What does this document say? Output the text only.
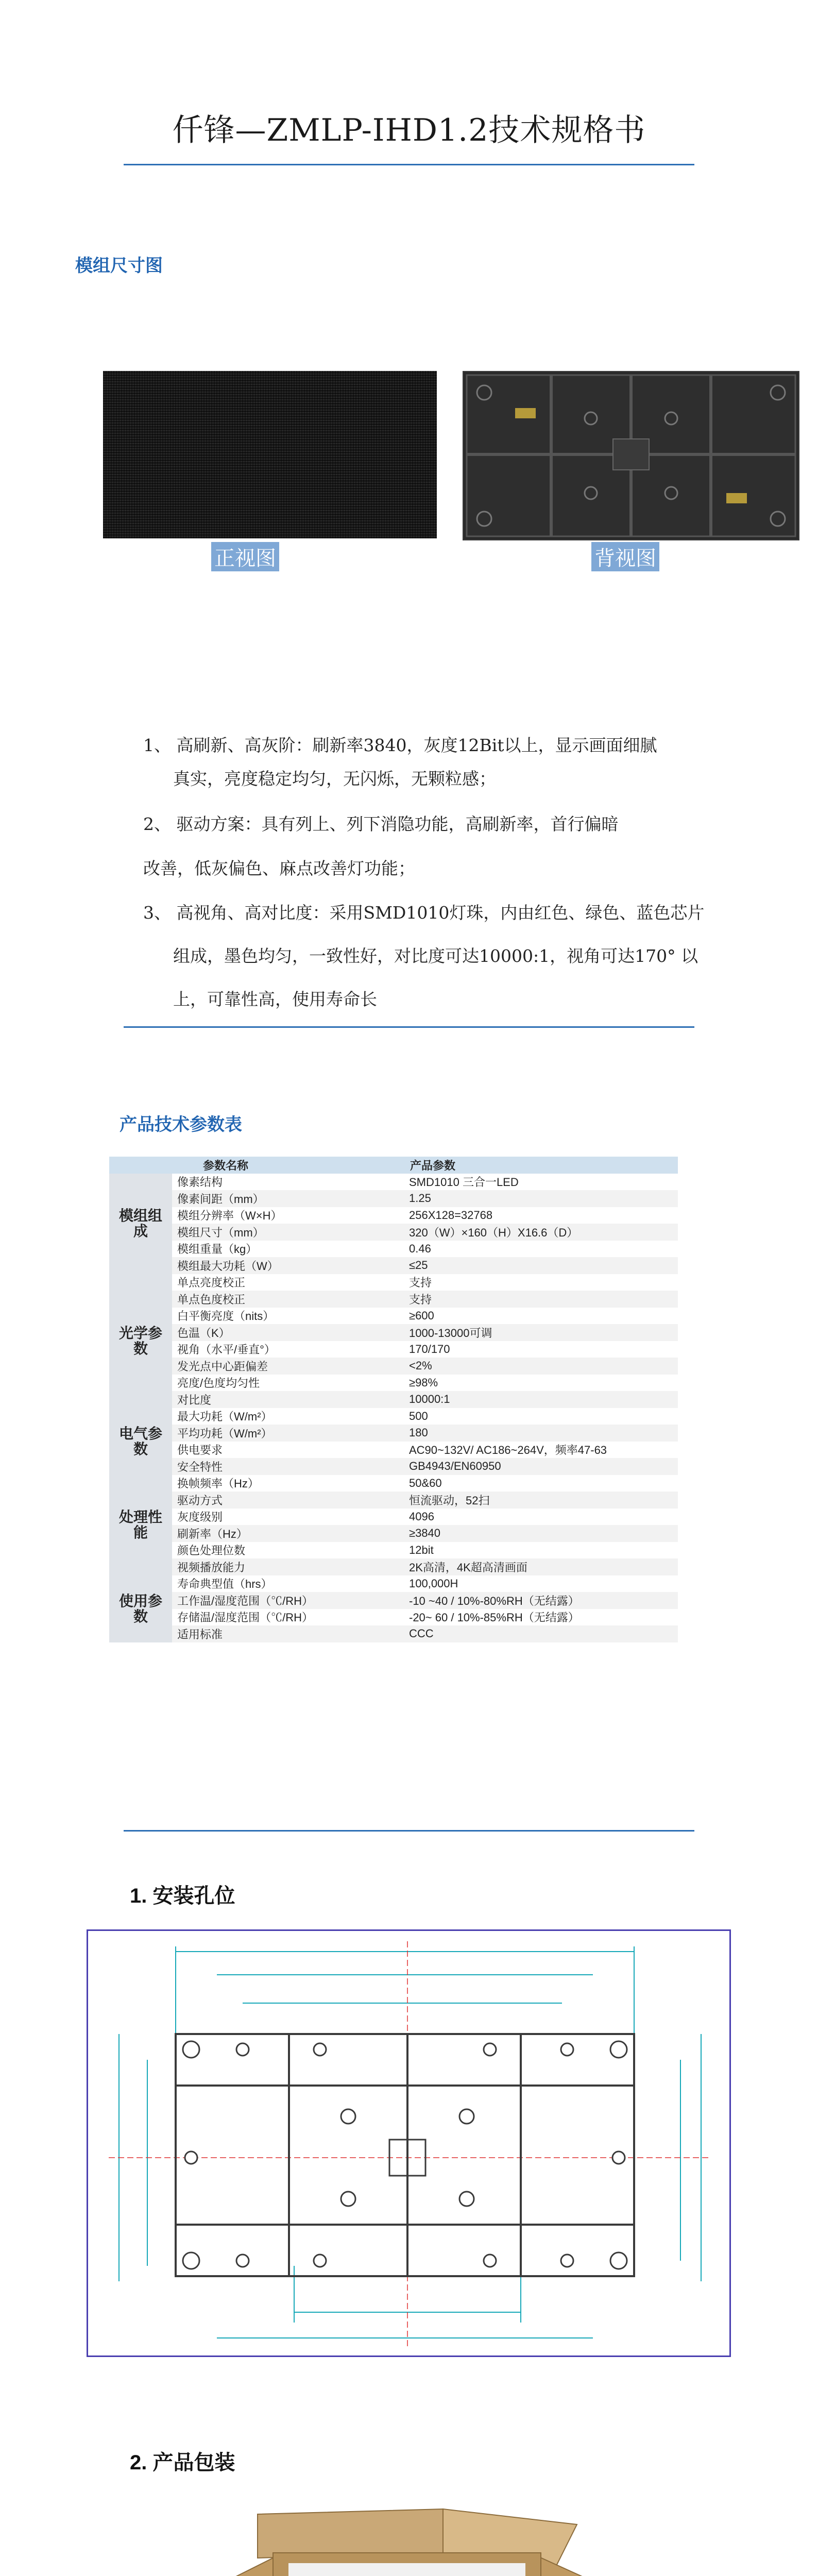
仟锋—ZMLP-IHD1.2技术规格书
模组尺寸图
正视图	背视图
1、 高刷新、高灰阶：刷新率3840，灰度12Bit以上，显示画面细腻
真实，亮度稳定均匀，无闪烁，无颗粒感；
2、 驱动方案：具有列上、列下消隐功能，高刷新率，首行偏暗
改善，低灰偏色、麻点改善灯功能；
3、 高视角、高对比度：采用SMD1010灯珠，内由红色、绿色、蓝色芯片
组成，墨色均匀，一致性好，对比度可达10000:1，视角可达170° 以
上，可靠性高，使用寿命长
产品技术参数表
	参数名称	产品参数
模组组成	像素结构	SMD1010 三合一LED
	像素间距（mm）	1.25
	模组分辨率（W×H）	256X128=32768
	模组尺寸（mm）	320（W）×160（H）X16.6（D）
	模组重量（kg）	0.46
	模组最大功耗（W）	≤25
光学参数	单点亮度校正	支持
	单点色度校正	支持
	白平衡亮度（nits）	≥600
	色温（K）	1000-13000可调
	视角（水平/垂直°）	170/170
	发光点中心距偏差	<2%
	亮度/色度均匀性	≥98%
	对比度	10000:1
电气参数	最大功耗（W/m²）	500
	平均功耗（W/m²）	180
	供电要求	AC90~132V/ AC186~264V，频率47-63
	安全特性	GB4943/EN60950
处理性能	换帧频率（Hz）	50&60
	驱动方式	恒流驱动，52扫
	灰度级别	4096
	刷新率（Hz）	≥3840
	颜色处理位数	12bit
	视频播放能力	2K高清，4K超高清画面
使用参数	寿命典型值（hrs）	100,000H
	工作温/湿度范围（℃/RH）	-10 ~40 / 10%-80%RH（无结露）
	存储温/湿度范围（℃/RH）	-20~ 60 / 10%-85%RH（无结露）
	适用标准	CCC
1. 安装孔位
2. 产品包装
